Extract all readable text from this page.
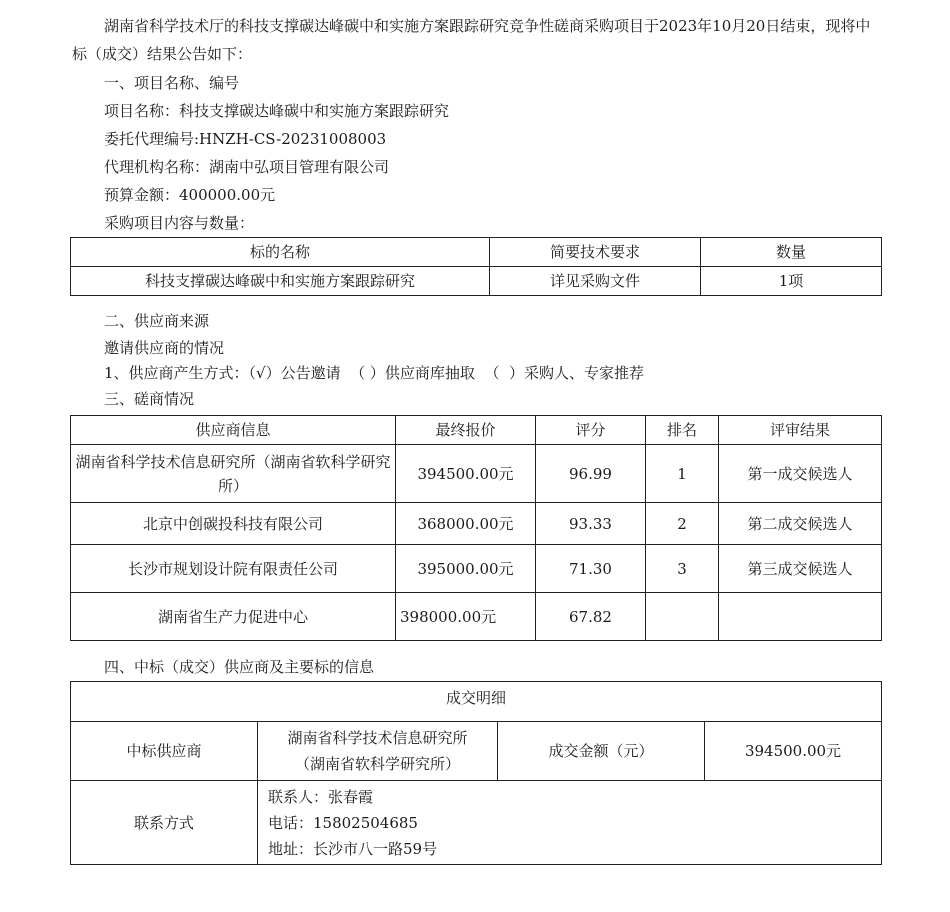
湖南省科学技术厅的科技支撑碳达峰碳中和实施方案跟踪研究竞争性磋商采购项目于2023年10月20日结束，现将中标（成交）结果公告如下：
一、项目名称、编号
项目名称：科技支撑碳达峰碳中和实施方案跟踪研究
委托代理编号:HNZH-CS-20231008003
代理机构名称：湖南中弘项目管理有限公司
预算金额：400000.00元
采购项目内容与数量：
标的名称	简要技术要求	数量
科技支撑碳达峰碳中和实施方案跟踪研究	详见采购文件	1项
二、供应商来源
邀请供应商的情况
1、供应商产生方式：（√）公告邀请  （ ）供应商库抽取  （  ）采购人、专家推荐
三、磋商情况
供应商信息	最终报价	评分	排名	评审结果
湖南省科学技术信息研究所（湖南省软科学研究所）	394500.00元	96.99	1	第一成交候选人
北京中创碳投科技有限公司	368000.00元	93.33	2	第二成交候选人
长沙市规划设计院有限责任公司	395000.00元	71.30	3	第三成交候选人
湖南省生产力促进中心	398000.00元	67.82		
四、中标（成交）供应商及主要标的信息
成交明细			
中标供应商	湖南省科学技术信息研究所
（湖南省软科学研究所）	成交金额（元）	394500.00元
联系方式	联系人：张春霞
电话：15802504685
地址：长沙市八一路59号		
